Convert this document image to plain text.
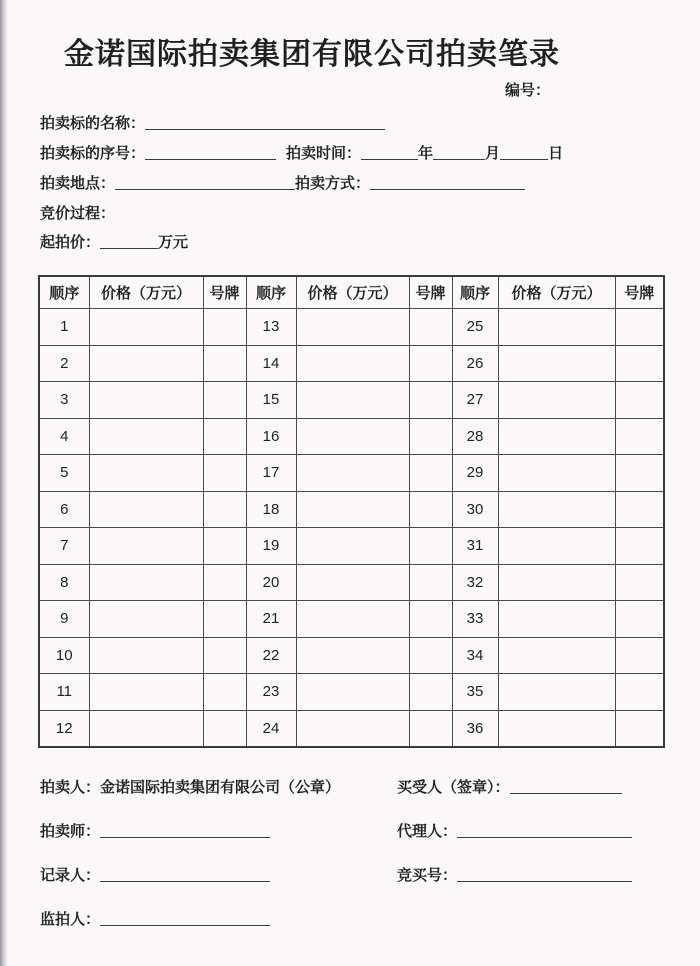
金诺国际拍卖集团有限公司拍卖笔录
编号：
拍卖标的名称：
拍卖标的序号：	拍卖时间：	年	月	日
拍卖地点：	拍卖方式：
竞价过程：
起拍价：	万元
顺序	价格（万元）	号牌	顺序	价格（万元）	号牌	顺序	价格（万元）	号牌
1			13			25		
2			14			26		
3			15			27		
4			16			28		
5			17			29		
6			18			30		
7			19			31		
8			20			32		
9			21			33		
10			22			34		
11			23			35		
12			24			36		
拍卖人：金诺国际拍卖集团有限公司（公章）	买受人（签章）：
拍卖师：	代理人：
记录人：	竞买号：
监拍人：
